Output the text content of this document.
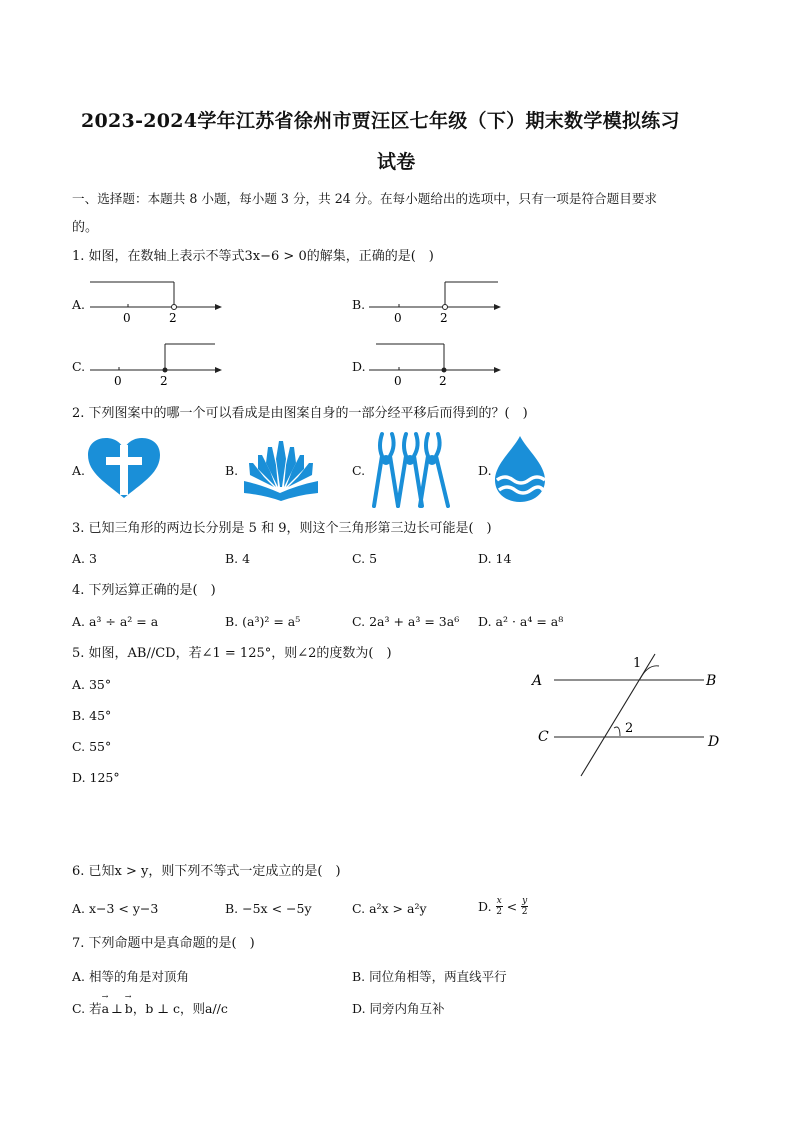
2023-2024学年江苏省徐州市贾汪区七年级（下）期末数学模拟练习
试卷
一、选择题：本题共 8 小题，每小题 3 分，共 24 分。在每小题给出的选项中，只有一项是符合题目要求
的。
1. 如图，在数轴上表示不等式3x−6 > 0的解集，正确的是(　)
A.
0	2
B.
0	2
C.
0	2
D.
0	2
2. 下列图案中的哪一个可以看成是由图案自身的一部分经平移后而得到的？(　)
A.	B.	C.	D.
3. 已知三角形的两边长分别是 5 和 9，则这个三角形第三边长可能是(　)
A. 3	B. 4	C. 5	D. 14
4. 下列运算正确的是(　)
A. a³ ÷ a² = a	B. (a³)² = a⁵	C. 2a³ + a³ = 3a⁶ D. a² · a⁴ = a⁸
5. 如图，AB//CD，若∠1 = 125°，则∠2的度数为(　)
A. 35°
B. 45°
C. 55°
D. 125°
A	B
C	D
1
2
6. 已知x > y，则下列不等式一定成立的是(　)
A. x−3 < y−3	B. −5x < −5y	C. a²x > a²y	D. $\frac{x}{2} < \frac{y}{2}$
7. 下列命题中是真命题的是(　)
A. 相等的角是对顶角	B. 同位角相等，两直线平行
C. 若a
→
⊥ b
→
，b ⊥ c，则a//c	D. 同旁内角互补
